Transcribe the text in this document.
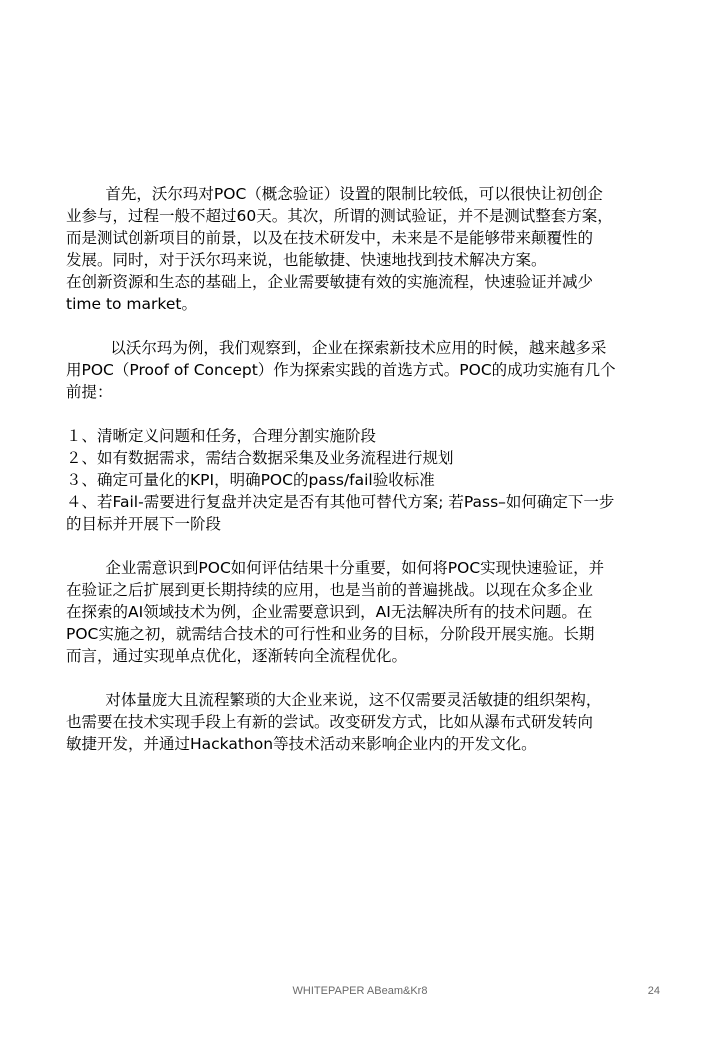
首先，沃尔玛对POC（概念验证）设置的限制比较低，可以很快让初创企
业参与，过程一般不超过60天。其次，所谓的测试验证，并不是测试整套方案，
而是测试创新项目的前景，以及在技术研发中，未来是不是能够带来颠覆性的
发展。同时，对于沃尔玛来说，也能敏捷、快速地找到技术解决方案。
在创新资源和生态的基础上，企业需要敏捷有效的实施流程，快速验证并减少
time to market。
以沃尔玛为例，我们观察到，企业在探索新技术应用的时候，越来越多采
用POC（Proof of Concept）作为探索实践的首选方式。POC的成功实施有几个
前提：
１、清晰定义问题和任务，合理分割实施阶段
２、如有数据需求，需结合数据采集及业务流程进行规划
３、确定可量化的KPI，明确POC的pass/fail验收标准
４、若Fail-需要进行复盘并决定是否有其他可替代方案; 若Pass–如何确定下一步
的目标并开展下一阶段
企业需意识到POC如何评估结果十分重要，如何将POC实现快速验证，并
在验证之后扩展到更长期持续的应用，也是当前的普遍挑战。以现在众多企业
在探索的AI领域技术为例，企业需要意识到，AI无法解决所有的技术问题。在
POC实施之初，就需结合技术的可行性和业务的目标，分阶段开展实施。长期
而言，通过实现单点优化，逐渐转向全流程优化。
对体量庞大且流程繁琐的大企业来说，这不仅需要灵活敏捷的组织架构，
也需要在技术实现手段上有新的尝试。改变研发方式，比如从瀑布式研发转向
敏捷开发，并通过Hackathon等技术活动来影响企业内的开发文化。
WHITEPAPER ABeam&Kr8	24
